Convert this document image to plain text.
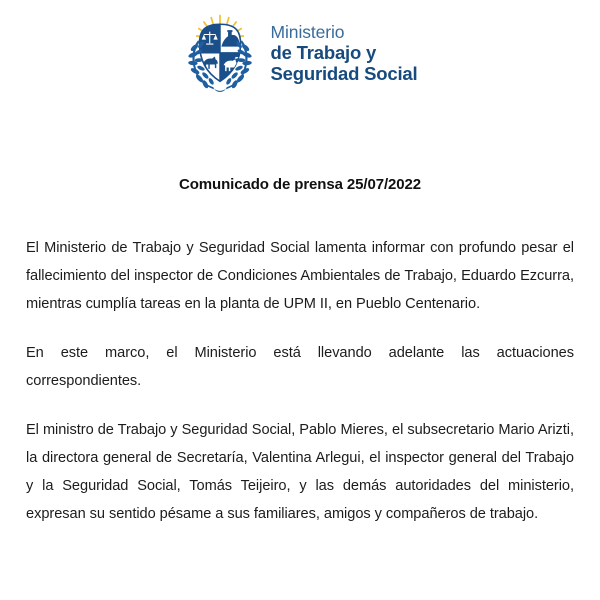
Ministerio
de Trabajo y
Seguridad Social
Comunicado de prensa 25/07/2022

El Ministerio de Trabajo y Seguridad Social lamenta informar con profundo pesar el fallecimiento del inspector de Condiciones Ambientales de Trabajo, Eduardo Ezcurra, mientras cumplía tareas en la planta de UPM II, en Pueblo Centenario.

En este marco, el Ministerio está llevando adelante las actuaciones correspondientes.

El ministro de Trabajo y Seguridad Social, Pablo Mieres, el subsecretario Mario Arizti, la directora general de Secretaría, Valentina Arlegui, el inspector general del Trabajo y la Seguridad Social, Tomás Teijeiro, y las demás autoridades del ministerio, expresan su sentido pésame a sus familiares, amigos y compañeros de trabajo.
